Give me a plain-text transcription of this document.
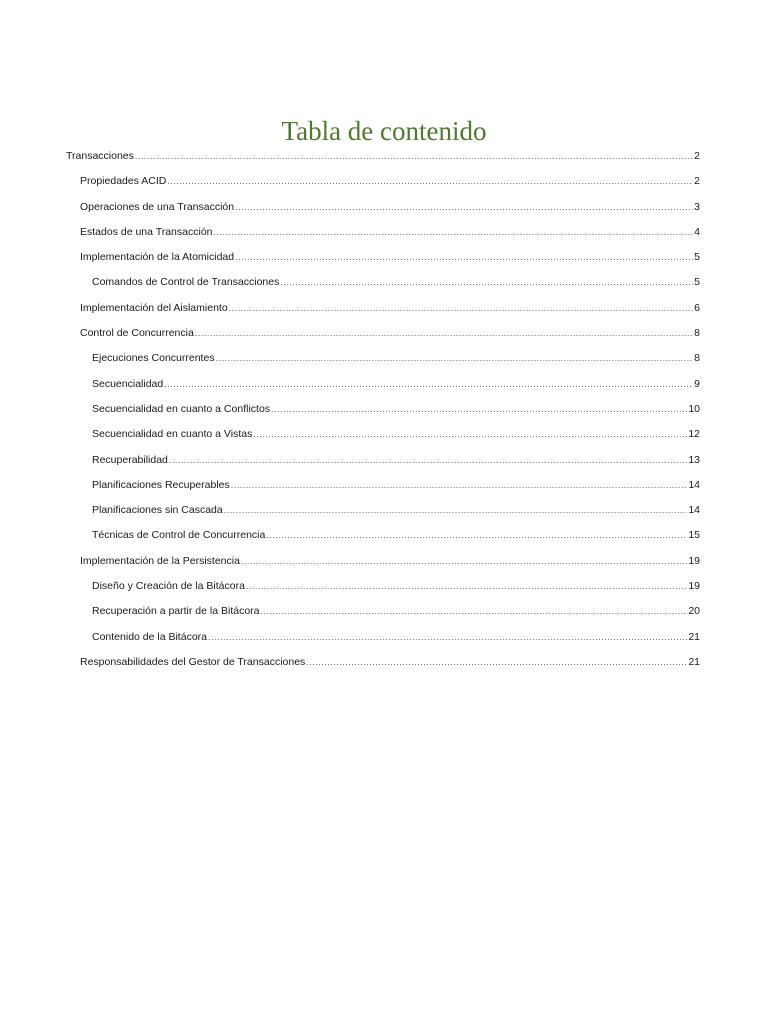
Tabla de contenido
Transacciones .....	2
Propiedades ACID .....	2
Operaciones de una Transacción .....	3
Estados de una Transacción .....	4
Implementación de la Atomicidad .....	5
Comandos de Control de Transacciones .....	5
Implementación del Aislamiento .....	6
Control de Concurrencia .....	8
Ejecuciones Concurrentes .....	8
Secuencialidad .....	9
Secuencialidad en cuanto a Conflictos .....	10
Secuencialidad en cuanto a Vistas .....	12
Recuperabilidad .....	13
Planificaciones Recuperables .....	14
Planificaciones sin Cascada .....	14
Técnicas de Control de Concurrencia .....	15
Implementación de la Persistencia .....	19
Diseño y Creación de la Bitácora .....	19
Recuperación a partir de la Bitácora .....	20
Contenido de la Bitácora .....	21
Responsabilidades del Gestor de Transacciones .....	21
